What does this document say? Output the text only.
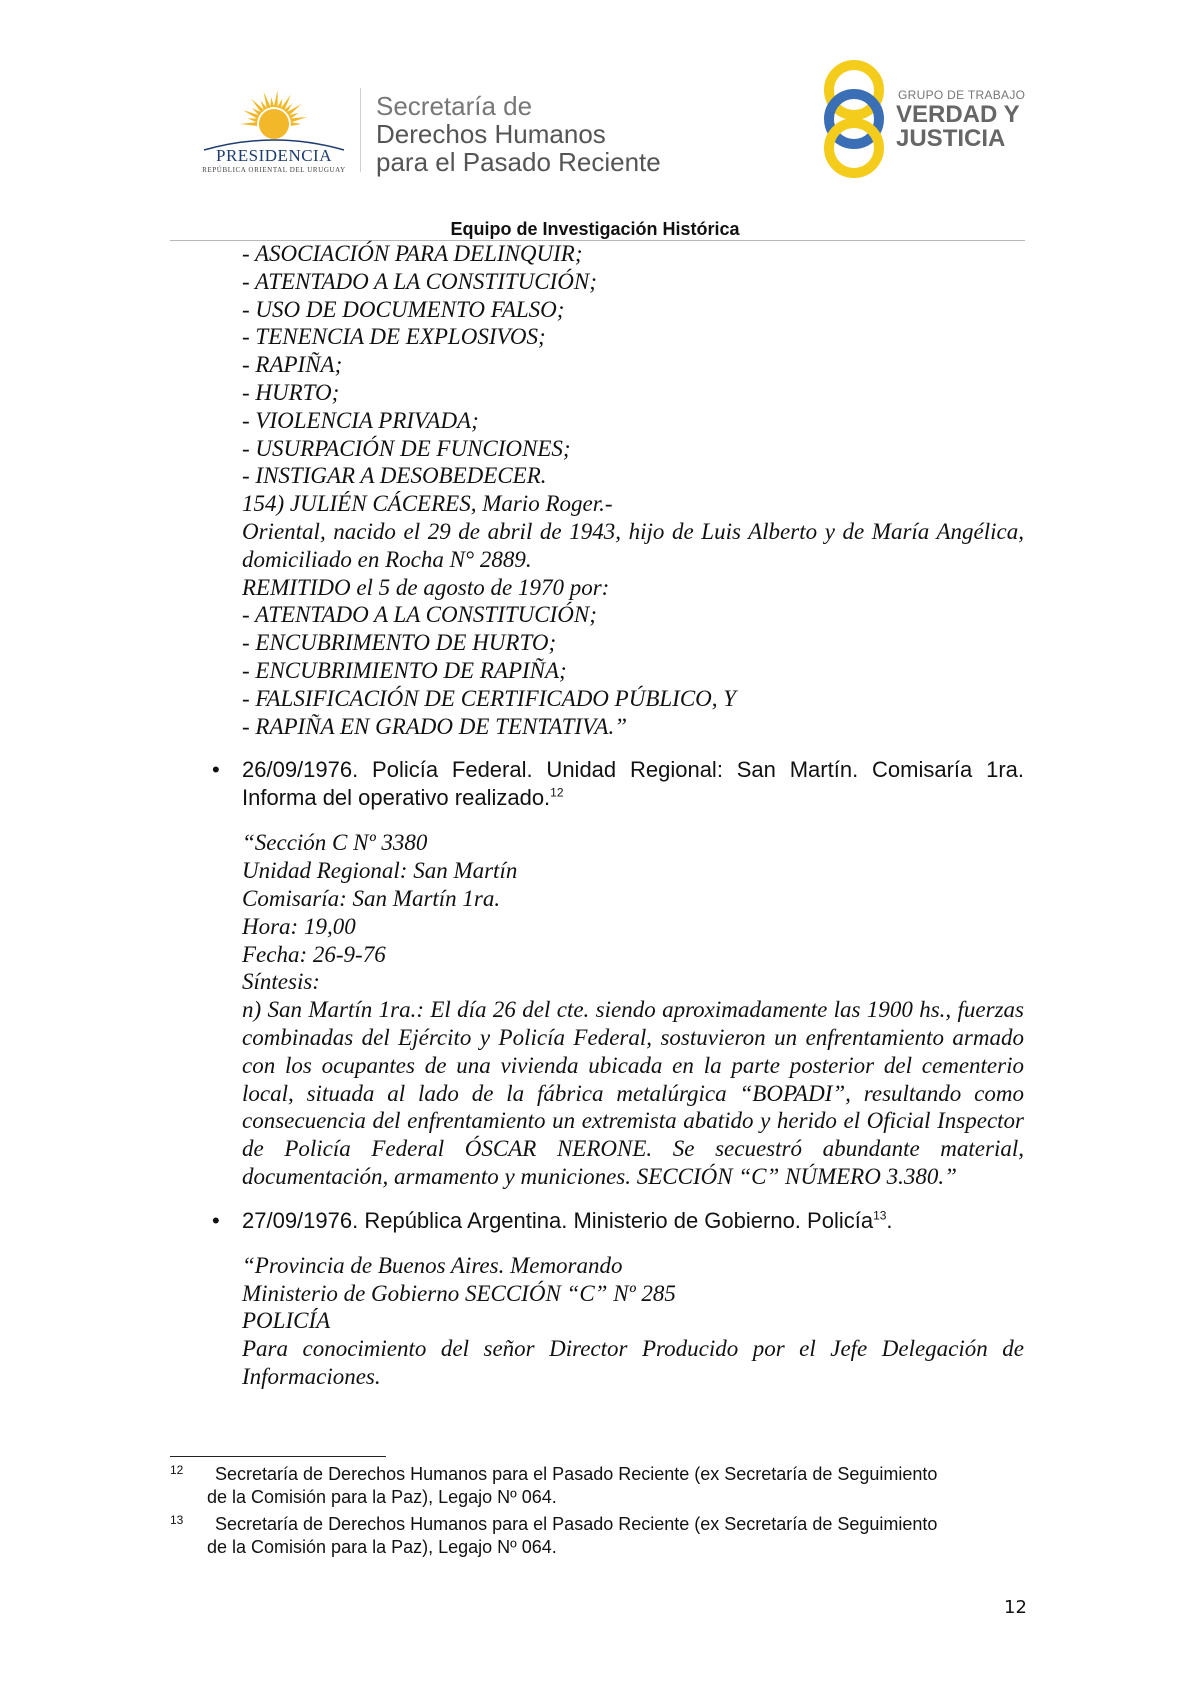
PRESIDENCIA
REPÚBLICA ORIENTAL DEL URUGUAY
Secretaría de
Derechos Humanos
para el Pasado Reciente
GRUPO DE TRABAJO
VERDAD Y
JUSTICIA
Equipo de Investigación Histórica

- ASOCIACIÓN PARA DELINQUIR;

- ATENTADO A LA CONSTITUCIÓN;

- USO DE DOCUMENTO FALSO;

- TENENCIA DE EXPLOSIVOS;

- RAPIÑA;

- HURTO;

- VIOLENCIA PRIVADA;

- USURPACIÓN DE FUNCIONES;

- INSTIGAR A DESOBEDECER.

154) JULIÉN CÁCERES, Mario Roger.-

Oriental, nacido el 29 de abril de 1943, hijo de Luis Alberto y de María Angélica, domiciliado en Rocha N° 2889.

REMITIDO el 5 de agosto de 1970 por:

- ATENTADO A LA CONSTITUCIÓN;

- ENCUBRIMENTO DE HURTO;

- ENCUBRIMIENTO DE RAPIÑA;

- FALSIFICACIÓN DE CERTIFICADO PÚBLICO, Y

- RAPIÑA EN GRADO DE TENTATIVA.”

• 26/09/1976. Policía Federal. Unidad Regional: San Martín. Comisaría 1ra. Informa del operativo realizado.$^{12}$

“Sección C Nº 3380

Unidad Regional: San Martín

Comisaría: San Martín 1ra.

Hora: 19,00

Fecha: 26-9-76

Síntesis:

n) San Martín 1ra.: El día 26 del cte. siendo aproximadamente las 1900 hs., fuerzas combinadas del Ejército y Policía Federal, sostuvieron un enfrentamiento armado con los ocupantes de una vivienda ubicada en la parte posterior del cementerio local, situada al lado de la fábrica metalúrgica “BOPADI”, resultando como consecuencia del enfrentamiento un extremista abatido y herido el Oficial Inspector de Policía Federal ÓSCAR NERONE. Se secuestró abundante material, documentación, armamento y municiones. SECCIÓN “C” NÚMERO 3.380.”

• 27/09/1976. República Argentina. Ministerio de Gobierno. Policía$^{13}$.

“Provincia de Buenos Aires. Memorando

Ministerio de Gobierno SECCIÓN “C” Nº 285

POLICÍA

Para conocimiento del señor Director Producido por el Jefe Delegación de Informaciones.

12	Secretaría de Derechos Humanos para el Pasado Reciente (ex Secretaría de Seguimiento
de la Comisión para la Paz), Legajo Nº 064.
13	Secretaría de Derechos Humanos para el Pasado Reciente (ex Secretaría de Seguimiento
de la Comisión para la Paz), Legajo Nº 064.
12
